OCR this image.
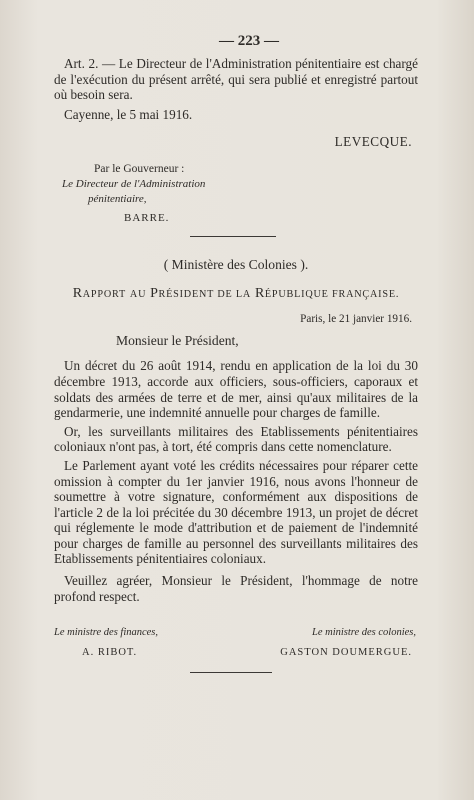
— 223 —

Art. 2. — Le Directeur de l'Administration pénitentiaire est chargé de l'exécution du présent arrêté, qui sera publié et enregistré partout où besoin sera.

Cayenne, le 5 mai 1916.

LEVECQUE.
Par le Gouverneur :
Le Directeur de l'Administration
pénitentiaire,
BARRE.
( Ministère des Colonies ).
RAPPORT AU PRÉSIDENT DE LA RÉPUBLIQUE FRANÇAISE.
Paris, le 21 janvier 1916.
Monsieur le Président,

Un décret du 26 août 1914, rendu en application de la loi du 30 décembre 1913, accorde aux officiers, sous-officiers, caporaux et soldats des armées de terre et de mer, ainsi qu'aux militaires de la gendarmerie, une indemnité annuelle pour charges de famille.

Or, les surveillants militaires des Etablissements pénitentiaires coloniaux n'ont pas, à tort, été compris dans cette nomenclature.

Le Parlement ayant voté les crédits nécessaires pour réparer cette omission à compter du 1er janvier 1916, nous avons l'honneur de soumettre à votre signature, conformément aux dispositions de l'article 2 de la loi précitée du 30 décembre 1913, un projet de décret qui réglemente le mode d'attribution et de paiement de l'indemnité pour charges de famille au personnel des surveillants militaires des Etablissements pénitentiaires coloniaux.

Veuillez agréer, Monsieur le Président, l'hommage de notre profond respect.

Le ministre des finances,
A. RIBOT.
Le ministre des colonies,
GASTON DOUMERGUE.
